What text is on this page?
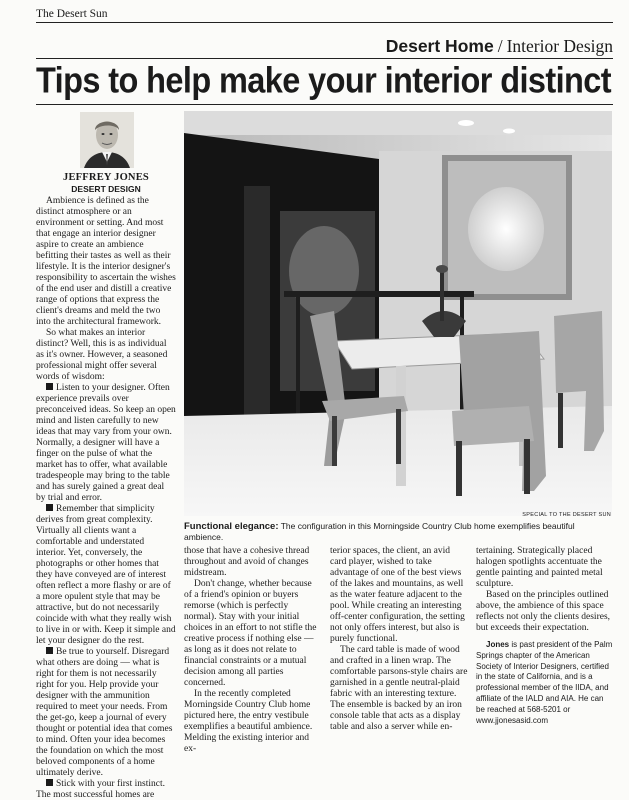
The Desert Sun
Desert Home / Interior Design
Tips to help make your interior distinct
JEFFREY JONES
DESERT DESIGN

Ambience is defined as the distinct atmosphere or an environment or setting. And most that engage an interior designer aspire to create an ambience befitting their tastes as well as their lifestyle. It is the interior designer's responsibility to ascertain the wishes of the end user and distill a creative range of options that express the client's dreams and meld the two into the architectural framework.

So what makes an interior distinct? Well, this is as individual as it's owner. However, a seasoned professional might offer several words of wisdom:

Listen to your designer. Often experience prevails over preconceived ideas. So keep an open mind and listen carefully to new ideas that may vary from your own. Normally, a designer will have a finger on the pulse of what the market has to offer, what available tradespeople may bring to the table and has surely gained a great deal by trial and error.

Remember that simplicity derives from great complexity. Virtually all clients want a comfortable and understated interior. Yet, conversely, the photographs or other homes that they have conveyed are of interest often reflect a more flashy or are of a more opulent style that may be attractive, but do not necessarily coincide with what they really wish to live in or with. Keep it simple and let your designer do the rest.

Be true to yourself. Disregard what others are doing — what is right for them is not necessarily right for you. Help provide your designer with the ammunition required to meet your needs. From the get-go, keep a journal of every thought or potential idea that comes to mind. Often your idea becomes the foundation on which the most beloved components of a home ultimately derive.

Stick with your first instinct. The most successful homes are

SPECIAL TO THE DESERT SUN
Functional elegance: The configuration in this Morningside Country Club home exemplifies beautiful ambience.

those that have a cohesive thread throughout and avoid of changes midstream.

Don't change, whether because of a friend's opinion or buyers remorse (which is perfectly normal). Stay with your initial choices in an effort to not stifle the creative process if nothing else — as long as it does not relate to financial constraints or a mutual decision among all parties concerned.

In the recently completed Morningside Country Club home pictured here, the entry vestibule exemplifies a beautiful ambience. Melding the existing interior and ex-

terior spaces, the client, an avid card player, wished to take advantage of one of the best views of the lakes and mountains, as well as the water feature adjacent to the pool. While creating an interesting off-center configuration, the setting not only offers interest, but also is purely functional.

The card table is made of wood and crafted in a linen wrap. The comfortable parsons-style chairs are garnished in a gentle neutral-plaid fabric with an interesting texture. The ensemble is backed by an iron console table that acts as a display table and also a server while en-

tertaining. Strategically placed halogen spotlights accentuate the gentle painting and painted metal sculpture.

Based on the principles outlined above, the ambience of this space reflects not only the clients desires, but exceeds their expectation.

Jones is past president of the Palm Springs chapter of the American Society of Interior Designers, certified in the state of California, and is a professional member of the IIDA, and affiliate of the IALD and AIA. He can be reached at 568-5201 or www.jjonesasid.com
